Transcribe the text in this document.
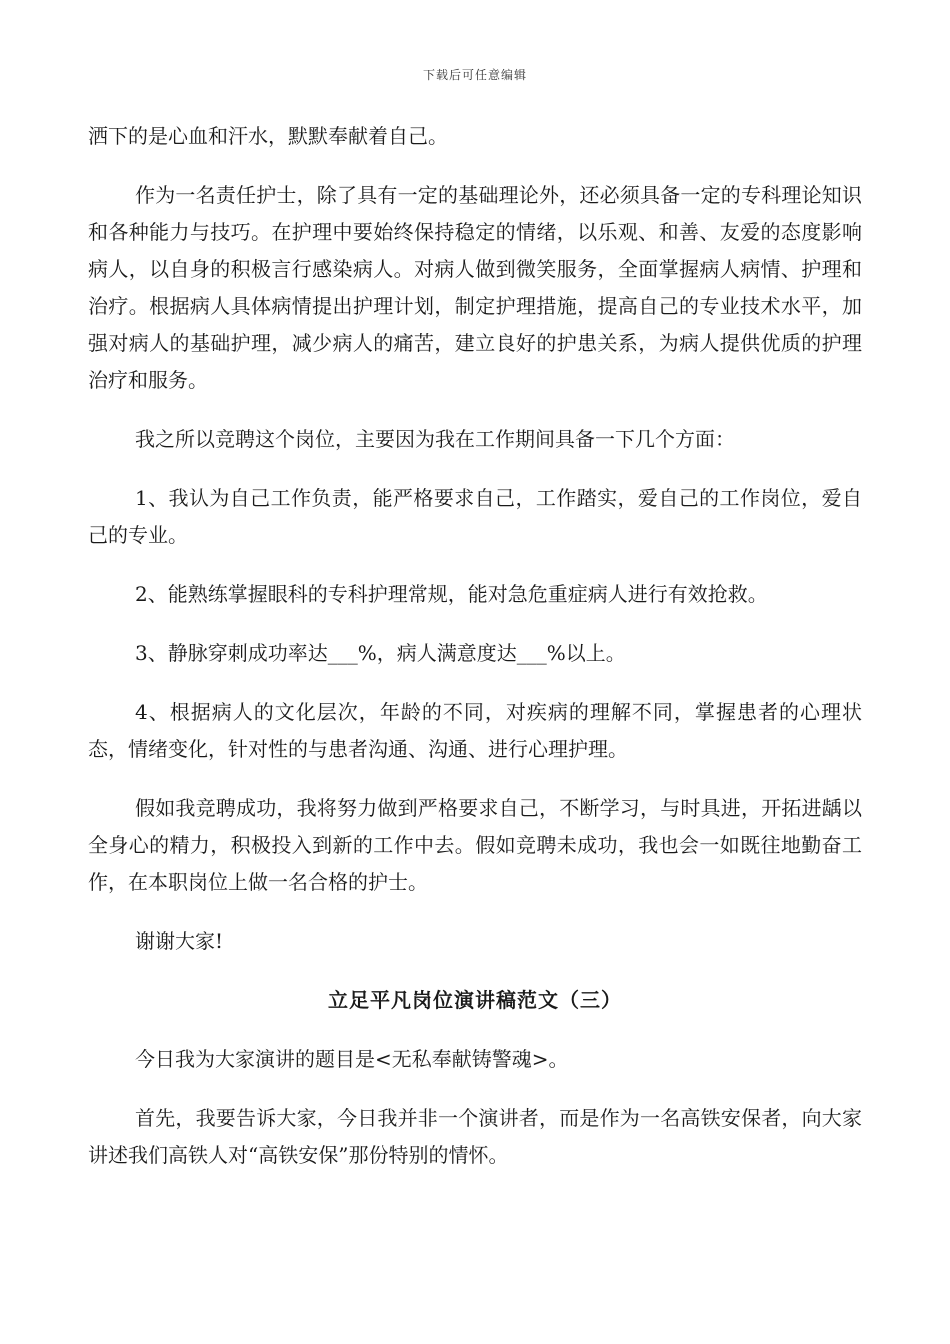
下载后可任意编辑

洒下的是心血和汗水，默默奉献着自己。

作为一名责任护士，除了具有一定的基础理论外，还必须具备一定的专科理论知识和各种能力与技巧。在护理中要始终保持稳定的情绪，以乐观、和善、友爱的态度影响病人，以自身的积极言行感染病人。对病人做到微笑服务，全面掌握病人病情、护理和治疗。根据病人具体病情提出护理计划，制定护理措施，提高自己的专业技术水平，加强对病人的基础护理，减少病人的痛苦，建立良好的护患关系，为病人提供优质的护理治疗和服务。

我之所以竞聘这个岗位，主要因为我在工作期间具备一下几个方面：

1、我认为自己工作负责，能严格要求自己，工作踏实，爱自己的工作岗位，爱自己的专业。

2、能熟练掌握眼科的专科护理常规，能对急危重症病人进行有效抢救。

3、静脉穿刺成功率达___%，病人满意度达___%以上。

4、根据病人的文化层次，年龄的不同，对疾病的理解不同，掌握患者的心理状态，情绪变化，针对性的与患者沟通、沟通、进行心理护理。

假如我竞聘成功，我将努力做到严格要求自己，不断学习，与时具进，开拓进龋以全身心的精力，积极投入到新的工作中去。假如竞聘未成功，我也会一如既往地勤奋工作，在本职岗位上做一名合格的护士。

谢谢大家!

立足平凡岗位演讲稿范文（三）

今日我为大家演讲的题目是<无私奉献铸警魂>。

首先，我要告诉大家，今日我并非一个演讲者，而是作为一名高铁安保者，向大家讲述我们高铁人对“高铁安保”那份特别的情怀。
